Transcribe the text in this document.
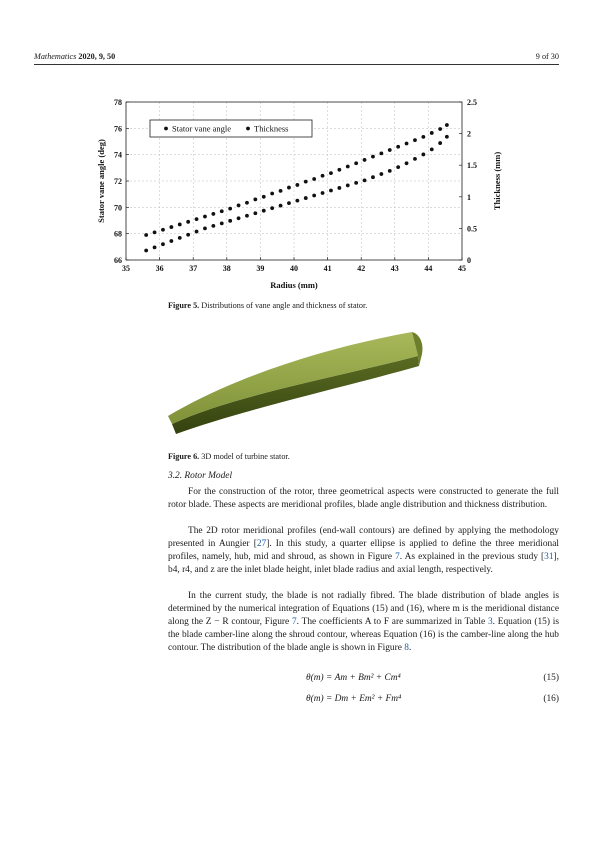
Mathematics 2020, 9, 50	9 of 30
35	36	37	38	39	40	41	42	43	44	45
66
68
70
72
74
76
78
0
0.5
1
1.5
2
2.5
Stator vane angle	Thickness
Radius (mm)
Stator vane angle (deg)	Thickness (mm)
Figure 5. Distributions of vane angle and thickness of stator.
Figure 6. 3D model of turbine stator.
3.2. Rotor Model

For the construction of the rotor, three geometrical aspects were constructed to generate the full rotor blade. These aspects are meridional profiles, blade angle distribution and thickness distribution.

The 2D rotor meridional profiles (end-wall contours) are defined by applying the methodology presented in Aungier [27]. In this study, a quarter ellipse is applied to define the three meridional profiles, namely, hub, mid and shroud, as shown in Figure 7. As explained in the previous study [31], b4, r4, and z are the inlet blade height, inlet blade radius and axial length, respectively.

In the current study, the blade is not radially fibred. The blade distribution of blade angles is determined by the numerical integration of Equations (15) and (16), where m is the meridional distance along the Z − R contour, Figure 7. The coefficients A to F are summarized in Table 3. Equation (15) is the blade camber-line along the shroud contour, whereas Equation (16) is the camber-line along the hub contour. The distribution of the blade angle is shown in Figure 8.

θ(m) = Am + Bm² + Cm⁴	(15)
θ(m) = Dm + Em² + Fm⁴	(16)
